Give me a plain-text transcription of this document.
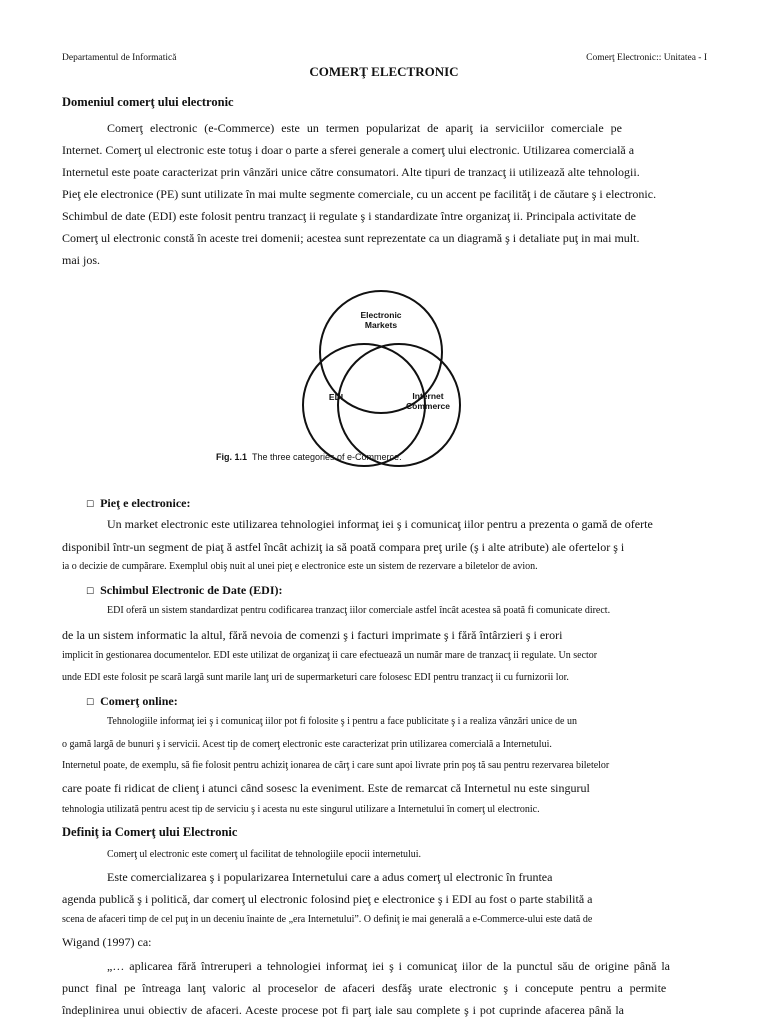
Departamentul de Informatică	Comerţ Electronic:: Unitatea - I
COMERŢ ELECTRONIC
Domeniul comerţ ului electronic
Comerţ electronic (e-Commerce) este un termen popularizat de apariţ ia serviciilor comerciale pe
Internet. Comerţ ul electronic este totuş i doar o parte a sferei generale a comerţ ului electronic. Utilizarea comercială a
Internetul este poate caracterizat prin vânzări unice către consumatori. Alte tipuri de tranzacţ ii utilizează alte tehnologii.
Pieţ ele electronice (PE) sunt utilizate în mai multe segmente comerciale, cu un accent pe facilităţ i de căutare ş i electronic.
Schimbul de date (EDI) este folosit pentru tranzacţ ii regulate ş i standardizate între organizaţ ii. Principala activitate de
Comerţ ul electronic constă în aceste trei domenii; acestea sunt reprezentate ca un diagramă ş i detaliate puţ in mai mult.
mai jos.
Electronic
Markets
EDI	Internet
Commerce
Fig. 1.1 The three categories of e-Commerce.
☐ Pieţ e electronice:
Un market electronic este utilizarea tehnologiei informaţ iei ş i comunicaţ iilor pentru a prezenta o gamă de oferte
disponibil într-un segment de piaţ ă astfel încât achiziţ ia să poată compara preţ urile (ş i alte atribute) ale ofertelor ş i
ia o decizie de cumpărare. Exemplul obiş nuit al unei pieţ e electronice este un sistem de rezervare a biletelor de avion.
☐ Schimbul Electronic de Date (EDI):
EDI oferă un sistem standardizat pentru codificarea tranzacţ iilor comerciale astfel încât acestea să poată fi comunicate direct.
de la un sistem informatic la altul, fără nevoia de comenzi ş i facturi imprimate ş i fără întârzieri ş i erori
implicit în gestionarea documentelor. EDI este utilizat de organizaţ ii care efectuează un număr mare de tranzacţ ii regulate. Un sector
unde EDI este folosit pe scară largă sunt marile lanţ uri de supermarketuri care folosesc EDI pentru tranzacţ ii cu furnizorii lor.
☐ Comerţ online:
Tehnologiile informaţ iei ş i comunicaţ iilor pot fi folosite ş i pentru a face publicitate ş i a realiza vânzări unice de un
o gamă largă de bunuri ş i servicii. Acest tip de comerţ electronic este caracterizat prin utilizarea comercială a Internetului.
Internetul poate, de exemplu, să fie folosit pentru achiziţ ionarea de cărţ i care sunt apoi livrate prin poş tă sau pentru rezervarea biletelor
care poate fi ridicat de clienţ i atunci când sosesc la eveniment. Este de remarcat că Internetul nu este singurul
tehnologia utilizată pentru acest tip de serviciu ş i acesta nu este singurul utilizare a Internetului în comerţ ul electronic.
Definiţ ia Comerţ ului Electronic
Comerţ ul electronic este comerţ ul facilitat de tehnologiile epocii internetului.
Este comercializarea ş i popularizarea Internetului care a adus comerţ ul electronic în fruntea
agenda publică ş i politică, dar comerţ ul electronic folosind pieţ e electronice ş i EDI au fost o parte stabilită a
scena de afaceri timp de cel puţ in un deceniu înainte de „era Internetului”. O definiţ ie mai generală a e-Commerce-ului este dată de
Wigand (1997) ca:
„… aplicarea fără întreruperi a tehnologiei informaţ iei ş i comunicaţ iilor de la punctul său de origine până la
punct final pe întreaga lanţ valoric al proceselor de afaceri desfăş urate electronic ş i concepute pentru a permite
îndeplinirea unui obiectiv de afaceri. Aceste procese pot fi parţ iale sau complete ş i pot cuprinde afacerea până la
